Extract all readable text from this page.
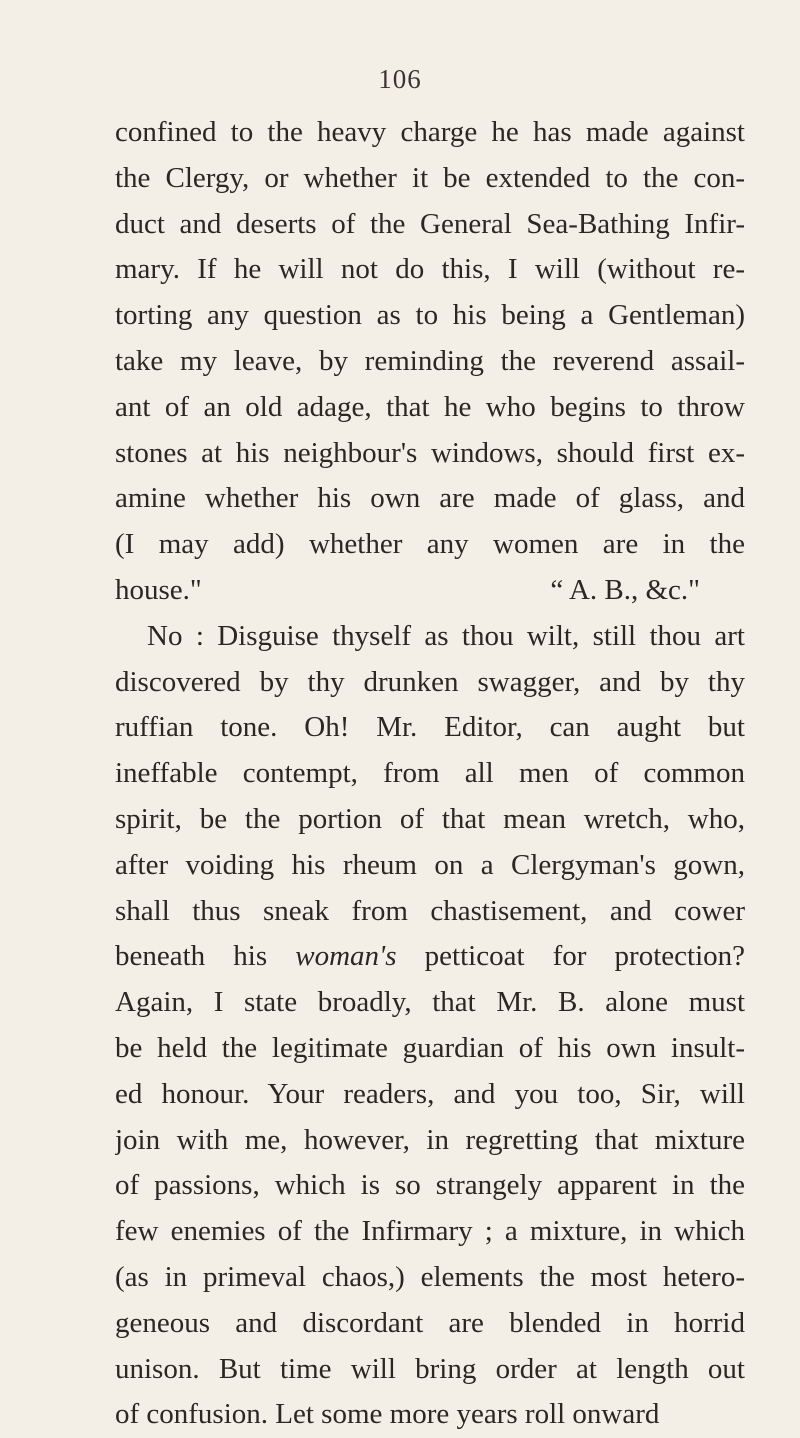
106
confined to the heavy charge he has made against
the Clergy, or whether it be extended to the con-
duct and deserts of the General Sea-Bathing Infir-
mary. If he will not do this, I will (without re-
torting any question as to his being a Gentleman)
take my leave, by reminding the reverend assail-
ant of an old adage, that he who begins to throw
stones at his neighbour's windows, should first ex-
amine whether his own are made of glass, and
(I may add) whether any women are in the
house."	“ A. B., &c."
No : Disguise thyself as thou wilt, still thou art
discovered by thy drunken swagger, and by thy
ruffian tone. Oh! Mr. Editor, can aught but
ineffable contempt, from all men of common
spirit, be the portion of that mean wretch, who,
after voiding his rheum on a Clergyman's gown,
shall thus sneak from chastisement, and cower
beneath his woman's petticoat for protection?
Again, I state broadly, that Mr. B. alone must
be held the legitimate guardian of his own insult-
ed honour. Your readers, and you too, Sir, will
join with me, however, in regretting that mixture
of passions, which is so strangely apparent in the
few enemies of the Infirmary ; a mixture, in which
(as in primeval chaos,) elements the most hetero-
geneous and discordant are blended in horrid
unison. But time will bring order at length out
of confusion. Let some more years roll onward
